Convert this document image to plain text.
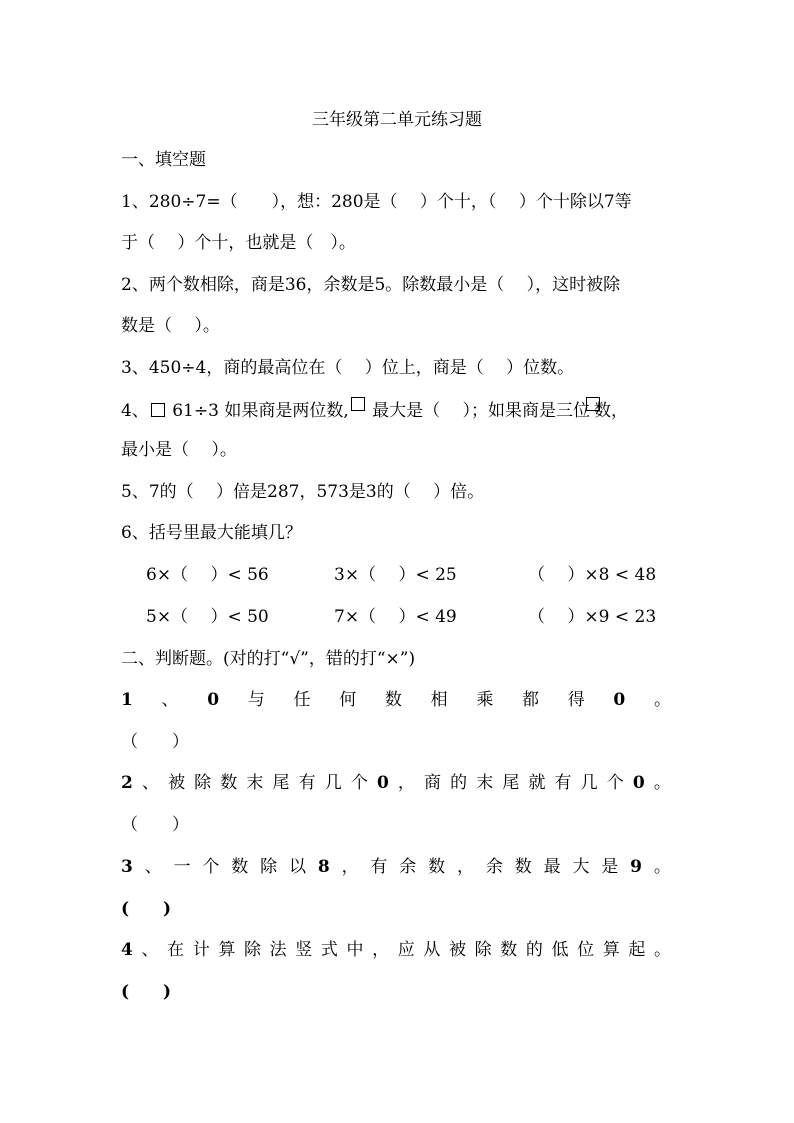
三年级第二单元练习题
一、填空题
1、280÷7=（　　），想：280是（　 ）个十，（　 ）个十除以7等
于（　 ）个十，也就是（　）。
2、两个数相除，商是36，余数是5。除数最小是（　 ），这时被除
数是（　 ）。
3、450÷4，商的最高位在（　 ）位上，商是（　 ）位数。
4、 61÷3 如果商是两位数, 最大是（　 ）；如果商是三位 数，
最小是（　 ）。
5、7的（　 ）倍是287，573是3的（　 ）倍。
6、括号里最大能填几？
6×（　 ）< 56	3×（　 ）< 25	（　 ）×8 < 48
5×（　 ）< 50	7×（　 ）< 49	（　 ）×9 < 23
二、判断题。(对的打“√”，错的打“×”)
1 、 0 与 任 何 数 相 乘 都 得 0 。
（　　）
2 、 被 除 数 末 尾 有 几 个 0 ， 商 的 末 尾 就 有 几 个 0 。
（　　）
3 、 一 个 数 除 以 8 ， 有 余 数 ， 余 数 最 大 是 9 。
(　　)
4 、 在 计 算 除 法 竖 式 中 ， 应 从 被 除 数 的 低 位 算 起 。
(　　)
